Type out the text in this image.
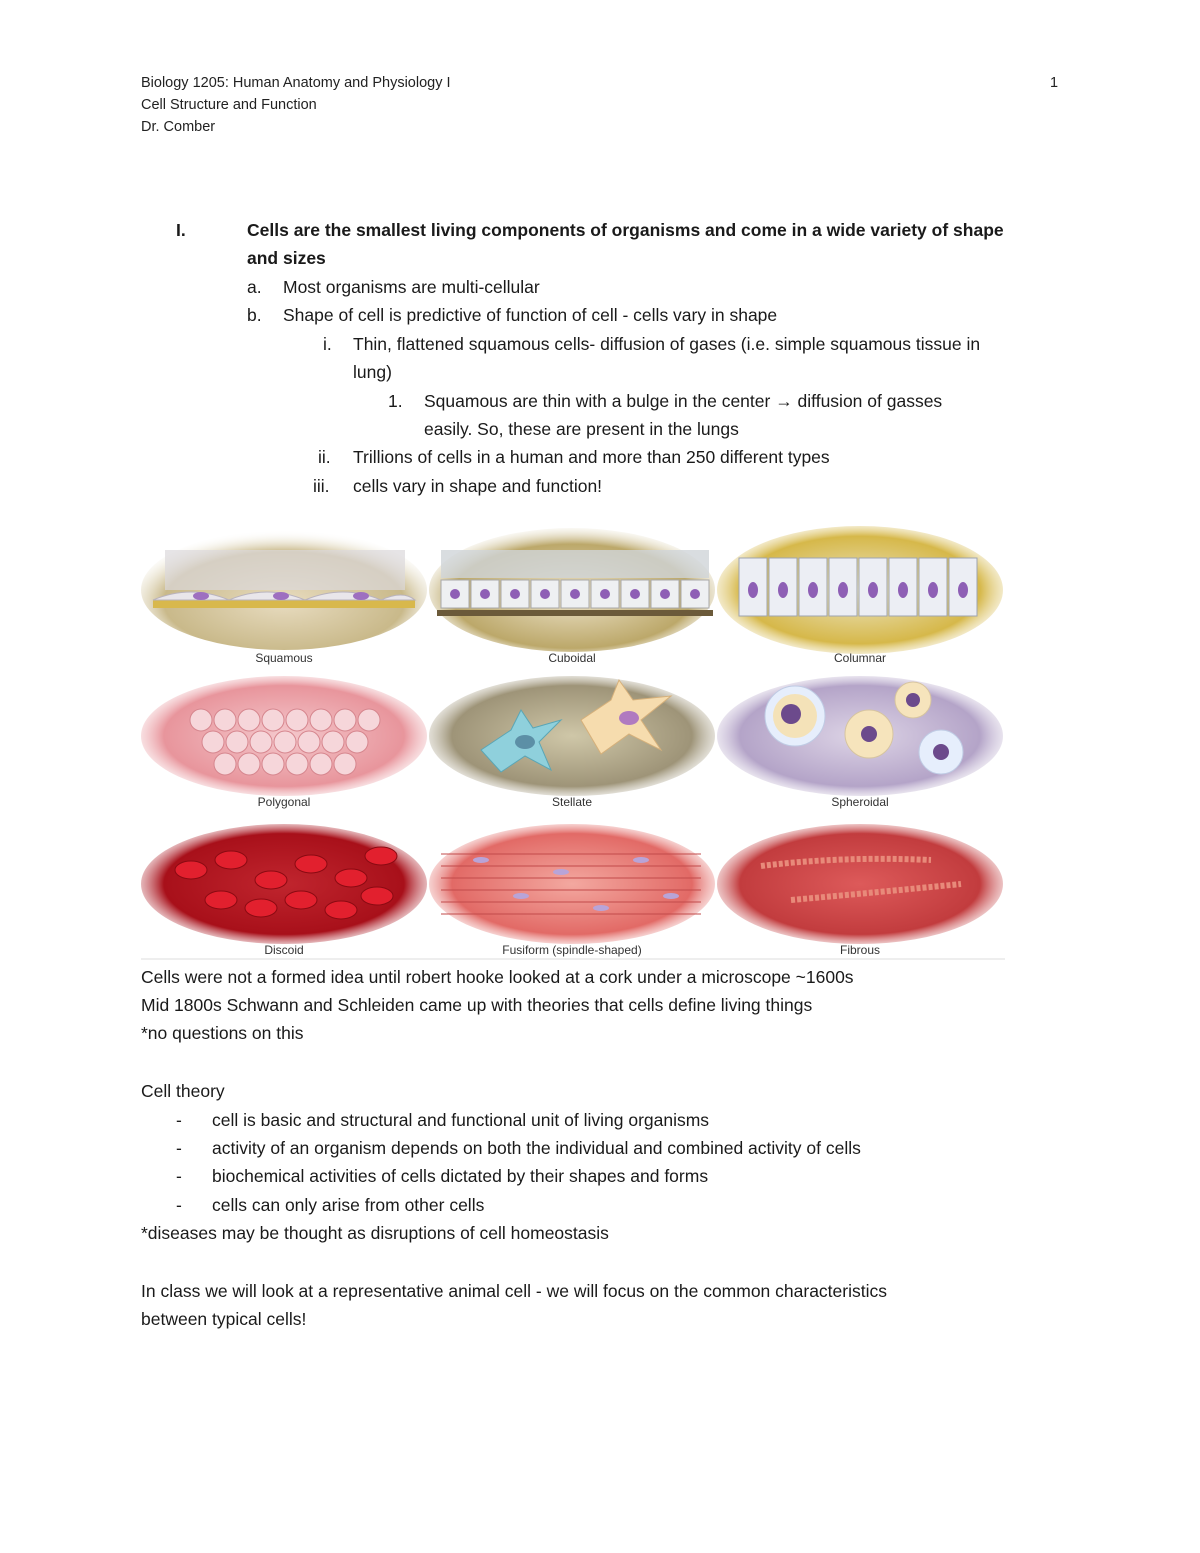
Biology 1205: Human Anatomy and Physiology I
Cell Structure and Function
Dr. Comber
1
I.	Cells are the smallest living components of organisms and come in a wide variety of shape
and sizes
a. Most organisms are multi-cellular
b. Shape of cell is predictive of function of cell - cells vary in shape
i. Thin, flattened squamous cells- diffusion of gases (i.e. simple squamous tissue in
lung)
1. Squamous are thin with a bulge in the center → diffusion of gasses
easily. So, these are present in the lungs
ii. Trillions of cells in a human and more than 250 different types
iii. cells vary in shape and function!
Squamous	Cuboidal	Columnar
Polygonal	Stellate	Spheroidal
Discoid	Fusiform (spindle-shaped)	Fibrous
Cells were not a formed idea until robert hooke looked at a cork under a microscope ~1600s
Mid 1800s Schwann and Schleiden came up with theories that cells define living things
*no questions on this
Cell theory
- cell is basic and structural and functional unit of living organisms
- activity of an organism depends on both the individual and combined activity of cells
- biochemical activities of cells dictated by their shapes and forms
- cells can only arise from other cells
*diseases may be thought as disruptions of cell homeostasis
In class we will look at a representative animal cell - we will focus on the common characteristics
between typical cells!
